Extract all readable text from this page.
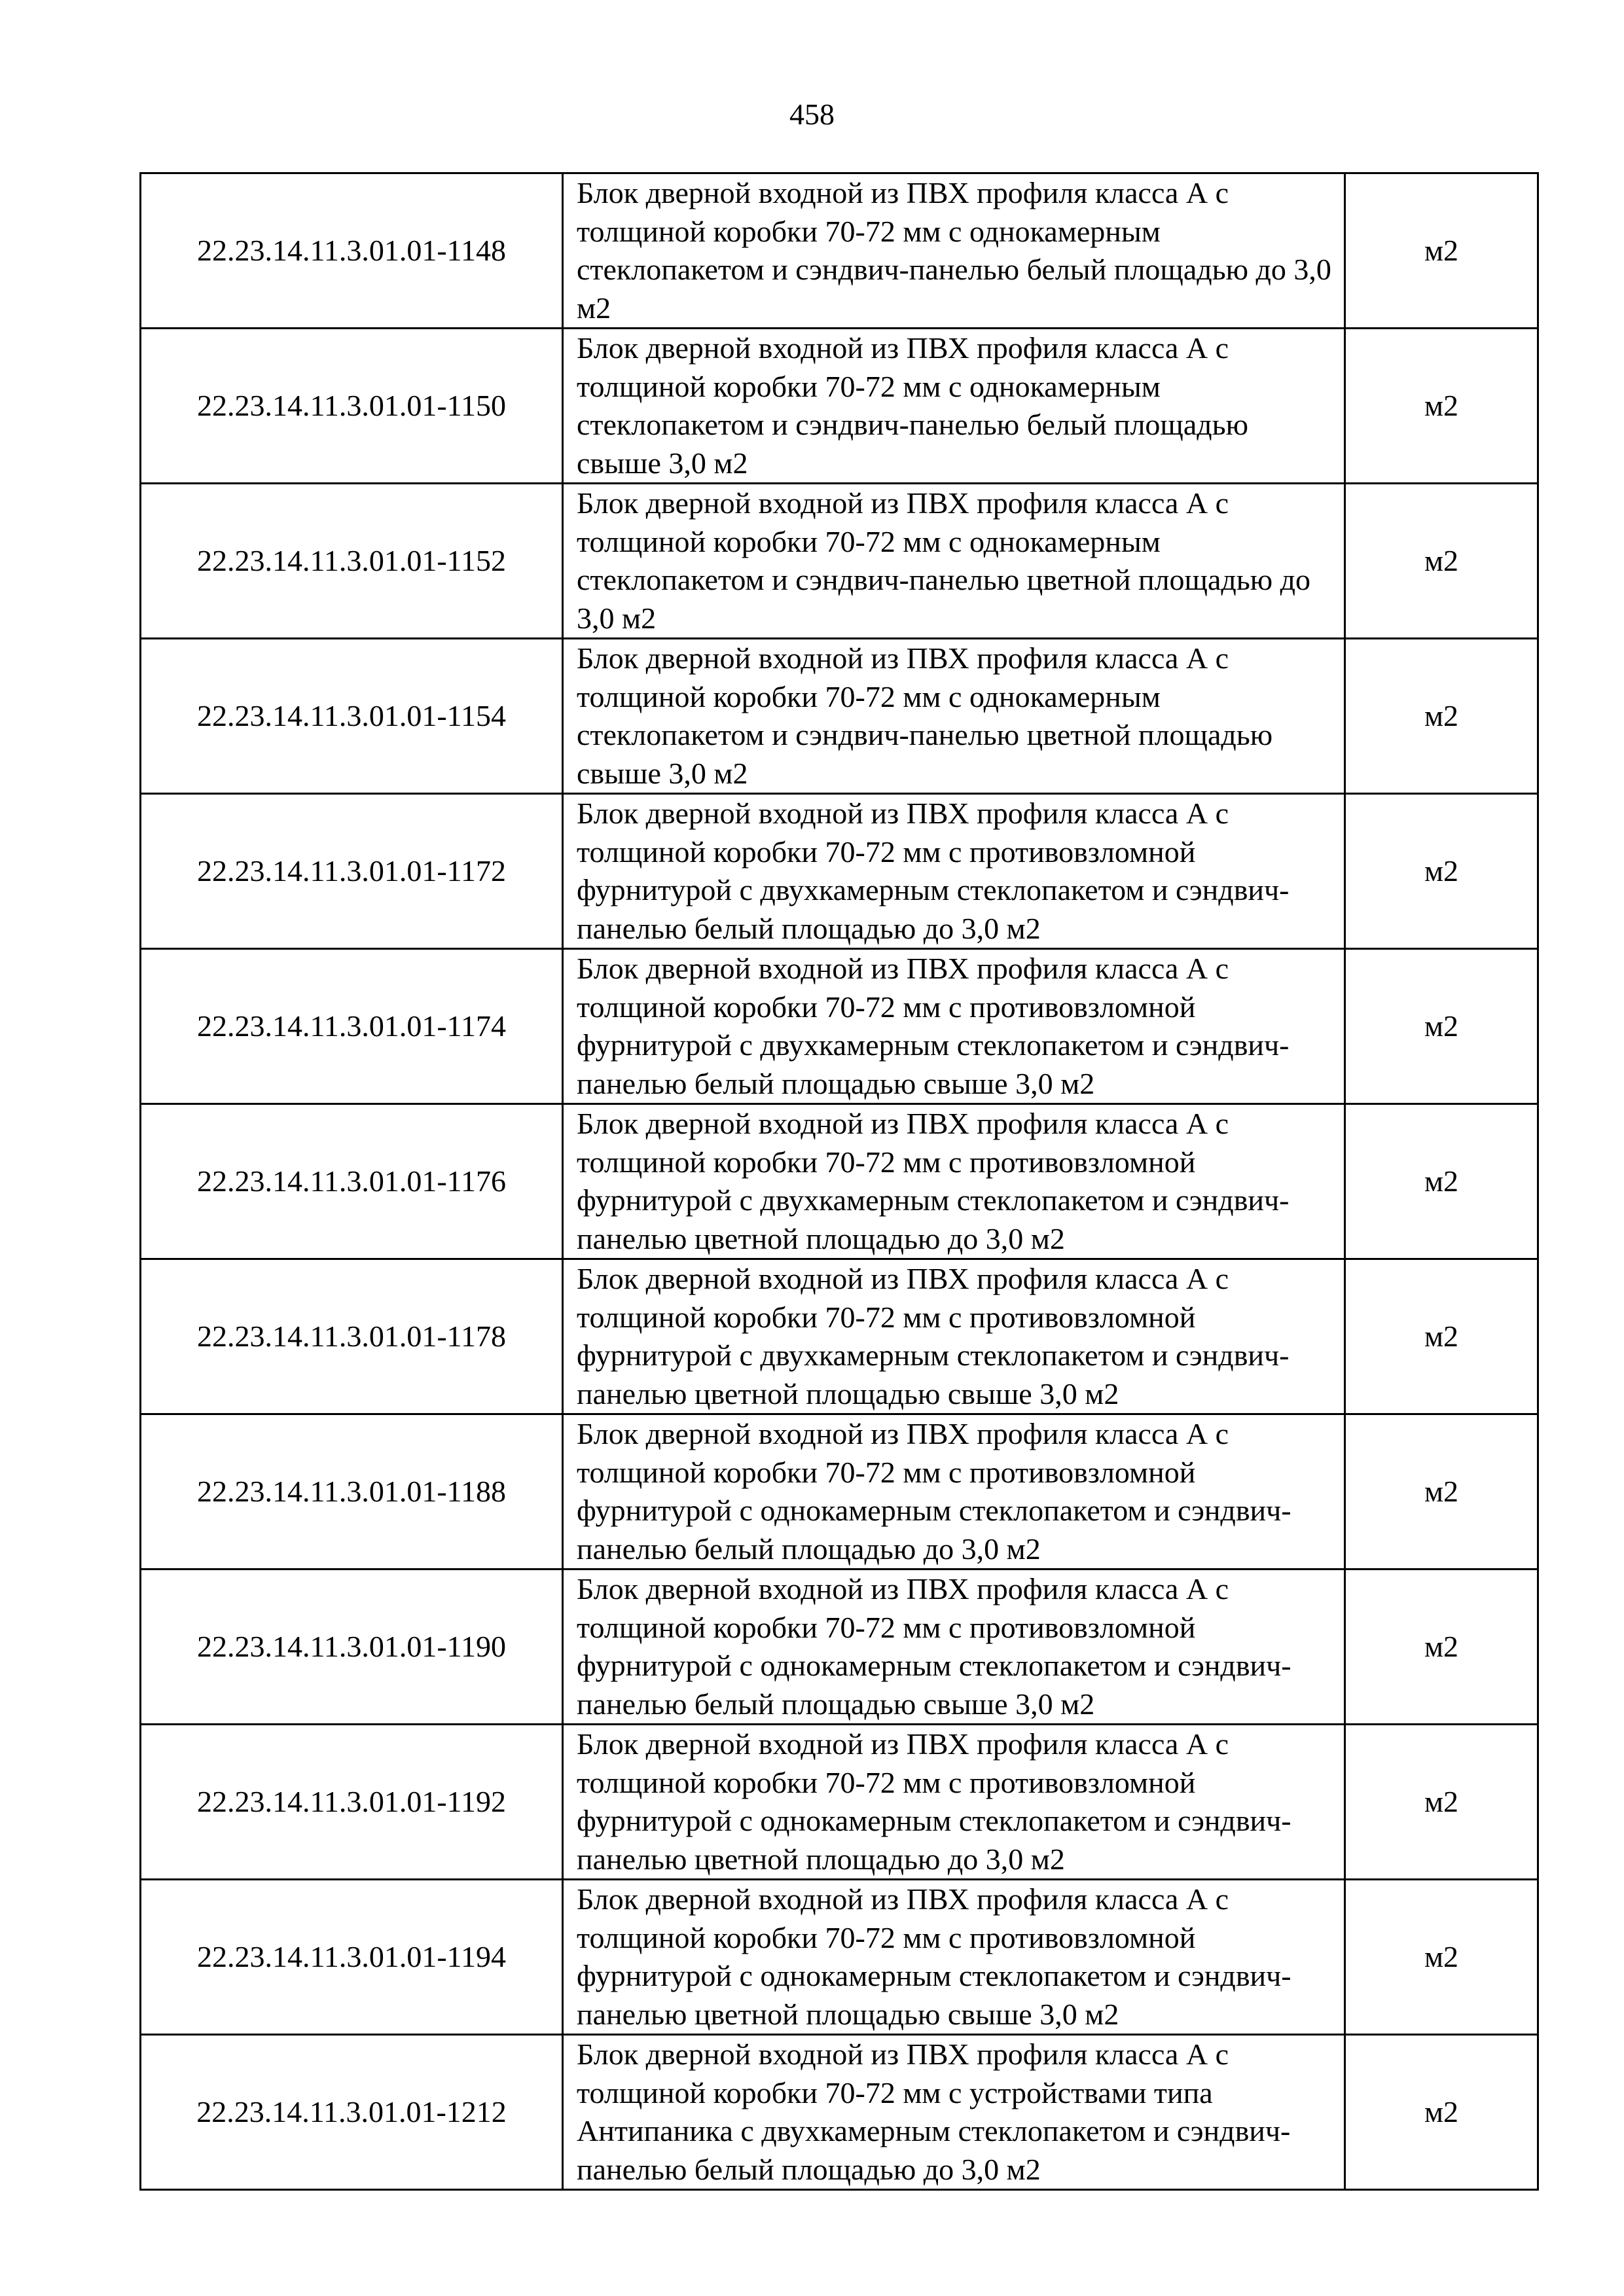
458
22.23.14.11.3.01.01-1148	Блок дверной входной из ПВХ профиля класса А с толщиной коробки 70-72 мм с однокамерным стеклопакетом и сэндвич-панелью белый площадью до 3,0 м2	м2
22.23.14.11.3.01.01-1150	Блок дверной входной из ПВХ профиля класса А с толщиной коробки 70-72 мм с однокамерным стеклопакетом и сэндвич-панелью белый площадью свыше 3,0 м2	м2
22.23.14.11.3.01.01-1152	Блок дверной входной из ПВХ профиля класса А с толщиной коробки 70-72 мм с однокамерным стеклопакетом и сэндвич-панелью цветной площадью до 3,0 м2	м2
22.23.14.11.3.01.01-1154	Блок дверной входной из ПВХ профиля класса А с толщиной коробки 70-72 мм с однокамерным стеклопакетом и сэндвич-панелью цветной площадью свыше 3,0 м2	м2
22.23.14.11.3.01.01-1172	Блок дверной входной из ПВХ профиля класса А с толщиной коробки 70-72 мм с противовзломной фурнитурой с двухкамерным стеклопакетом и сэндвич-панелью белый площадью до 3,0 м2	м2
22.23.14.11.3.01.01-1174	Блок дверной входной из ПВХ профиля класса А с толщиной коробки 70-72 мм с противовзломной фурнитурой с двухкамерным стеклопакетом и сэндвич-панелью белый площадью свыше 3,0 м2	м2
22.23.14.11.3.01.01-1176	Блок дверной входной из ПВХ профиля класса А с толщиной коробки 70-72 мм с противовзломной фурнитурой с двухкамерным стеклопакетом и сэндвич-панелью цветной площадью до 3,0 м2	м2
22.23.14.11.3.01.01-1178	Блок дверной входной из ПВХ профиля класса А с толщиной коробки 70-72 мм с противовзломной фурнитурой с двухкамерным стеклопакетом и сэндвич-панелью цветной площадью свыше 3,0 м2	м2
22.23.14.11.3.01.01-1188	Блок дверной входной из ПВХ профиля класса А с толщиной коробки 70-72 мм с противовзломной фурнитурой с однокамерным стеклопакетом и сэндвич-панелью белый площадью до 3,0 м2	м2
22.23.14.11.3.01.01-1190	Блок дверной входной из ПВХ профиля класса А с толщиной коробки 70-72 мм с противовзломной фурнитурой с однокамерным стеклопакетом и сэндвич-панелью белый площадью свыше 3,0 м2	м2
22.23.14.11.3.01.01-1192	Блок дверной входной из ПВХ профиля класса А с толщиной коробки 70-72 мм с противовзломной фурнитурой с однокамерным стеклопакетом и сэндвич-панелью цветной площадью до 3,0 м2	м2
22.23.14.11.3.01.01-1194	Блок дверной входной из ПВХ профиля класса А с толщиной коробки 70-72 мм с противовзломной фурнитурой с однокамерным стеклопакетом и сэндвич-панелью цветной площадью свыше 3,0 м2	м2
22.23.14.11.3.01.01-1212	Блок дверной входной из ПВХ профиля класса А с толщиной коробки 70-72 мм с устройствами типа Антипаника с двухкамерным стеклопакетом и сэндвич-панелью белый площадью до 3,0 м2	м2
